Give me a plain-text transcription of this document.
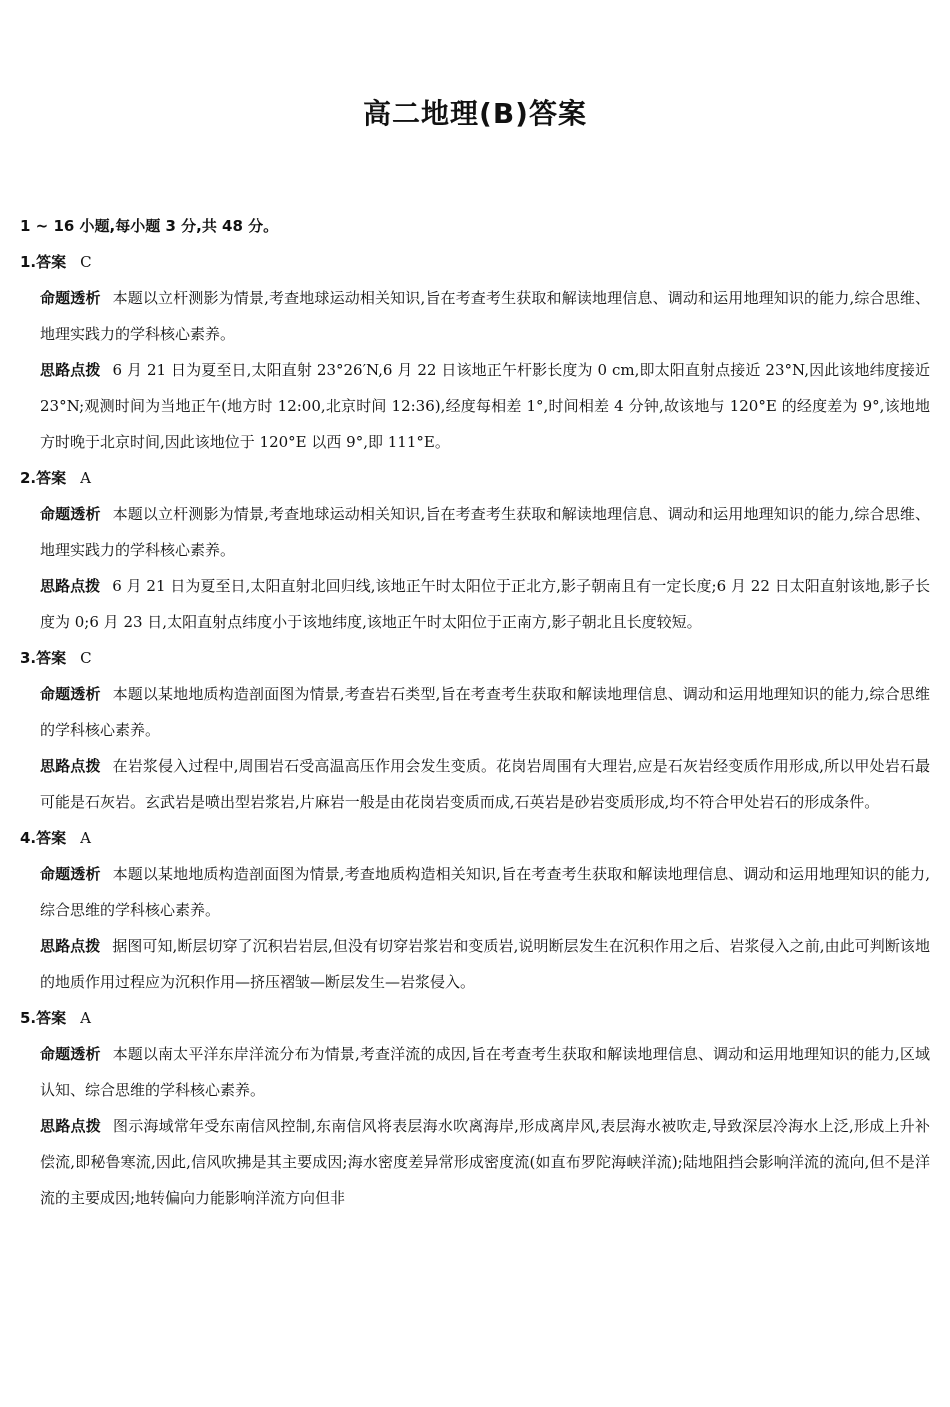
高二地理(B)答案
1 ~ 16 小题,每小题 3 分,共 48 分。
1.答案 C
命题透析 本题以立杆测影为情景,考查地球运动相关知识,旨在考查考生获取和解读地理信息、调动和运用地理知识的能力,综合思维、地理实践力的学科核心素养。
思路点拨 6 月 21 日为夏至日,太阳直射 23°26′N,6 月 22 日该地正午杆影长度为 0 cm,即太阳直射点接近 23°N,因此该地纬度接近 23°N;观测时间为当地正午(地方时 12:00,北京时间 12:36),经度每相差 1°,时间相差 4 分钟,故该地与 120°E 的经度差为 9°,该地地方时晚于北京时间,因此该地位于 120°E 以西 9°,即 111°E。
2.答案 A
命题透析 本题以立杆测影为情景,考查地球运动相关知识,旨在考查考生获取和解读地理信息、调动和运用地理知识的能力,综合思维、地理实践力的学科核心素养。
思路点拨 6 月 21 日为夏至日,太阳直射北回归线,该地正午时太阳位于正北方,影子朝南且有一定长度;6 月 22 日太阳直射该地,影子长度为 0;6 月 23 日,太阳直射点纬度小于该地纬度,该地正午时太阳位于正南方,影子朝北且长度较短。
3.答案 C
命题透析 本题以某地地质构造剖面图为情景,考查岩石类型,旨在考查考生获取和解读地理信息、调动和运用地理知识的能力,综合思维的学科核心素养。
思路点拨 在岩浆侵入过程中,周围岩石受高温高压作用会发生变质。花岗岩周围有大理岩,应是石灰岩经变质作用形成,所以甲处岩石最可能是石灰岩。玄武岩是喷出型岩浆岩,片麻岩一般是由花岗岩变质而成,石英岩是砂岩变质形成,均不符合甲处岩石的形成条件。
4.答案 A
命题透析 本题以某地地质构造剖面图为情景,考查地质构造相关知识,旨在考查考生获取和解读地理信息、调动和运用地理知识的能力,综合思维的学科核心素养。
思路点拨 据图可知,断层切穿了沉积岩岩层,但没有切穿岩浆岩和变质岩,说明断层发生在沉积作用之后、岩浆侵入之前,由此可判断该地的地质作用过程应为沉积作用—挤压褶皱—断层发生—岩浆侵入。
5.答案 A
命题透析 本题以南太平洋东岸洋流分布为情景,考查洋流的成因,旨在考查考生获取和解读地理信息、调动和运用地理知识的能力,区域认知、综合思维的学科核心素养。
思路点拨 图示海域常年受东南信风控制,东南信风将表层海水吹离海岸,形成离岸风,表层海水被吹走,导致深层冷海水上泛,形成上升补偿流,即秘鲁寒流,因此,信风吹拂是其主要成因;海水密度差异常形成密度流(如直布罗陀海峡洋流);陆地阻挡会影响洋流的流向,但不是洋流的主要成因;地转偏向力能影响洋流方向但非
